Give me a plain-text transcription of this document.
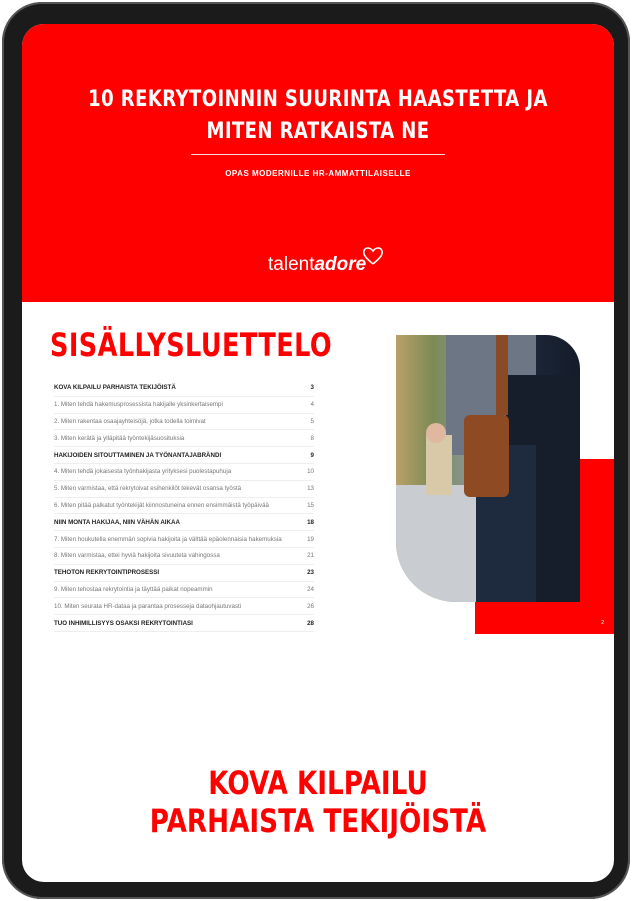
10 REKRYTOINNIN SUURINTA HAASTETTA JA
MITEN RATKAISTA NE
OPAS MODERNILLE HR-AMMATTILAISELLE
talent adore
SISÄLLYSLUETTELO
KOVA KILPAILU PARHAISTA TEKIJÖISTÄ	3
1. Miten tehdä hakemusprosessista hakijalle yksinkertaisempi	4
2. Miten rakentaa osaajayhteisöjä, jotka todella toimivat	5
3. Miten kerätä ja ylläpitää työntekijäsuosituksia	8
HAKIJOIDEN SITOUTTAMINEN JA TYÖNANTAJABRÄNDI	9
4. Miten tehdä jokaisesta työnhakijasta yrityksesi puolestapuhuja	10
5. Miten varmistaa, että rekrytoivat esihenkilöt tekevät osansa työstä	13
6. Miten pitää palkatut työntekijät kiinnostuneina ennen ensimmäistä työpäivää	15
NIIN MONTA HAKIJAA, NIIN VÄHÄN AIKAA	18
7. Miten houkutella enemmän sopivia hakijoita ja välttää epäolennaisia hakemuksia	19
8. Miten varmistaa, ettei hyviä hakijoita sivuuteta vahingossa	21
TEHOTON REKRYTOINTIPROSESSI	23
9. Miten tehostaa rekrytointia ja täyttää paikat nopeammin	24
10. Miten seurata HR-dataa ja parantaa prosesseja dataohjautuvasti	26
TUO INHIMILLISYYS OSAKSI REKRYTOINTIASI	28	2
KOVA KILPAILU
PARHAISTA TEKIJÖISTÄ
